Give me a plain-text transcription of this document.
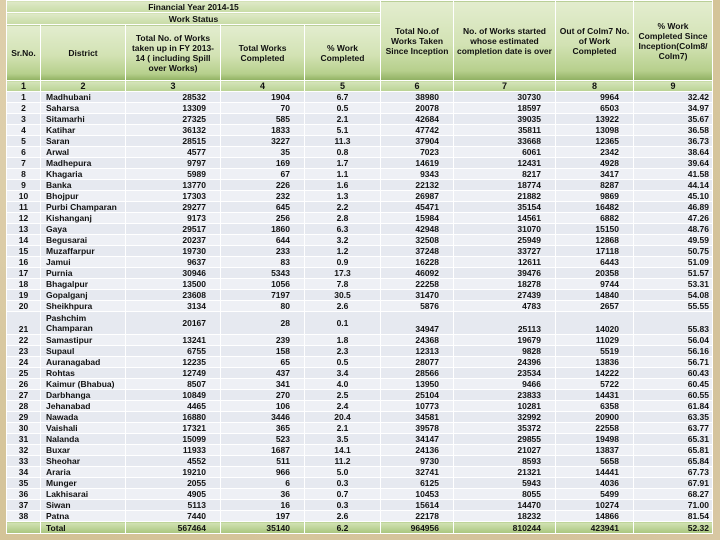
Financial Year 2014-15					Total No.of Works Taken Since Inception	No. of Works started whose estimated completion date is over	Out of Colm7 No. of Work Completed	% Work Completed Since Inception(Colm8/ Colm7)
Work Status								
Sr.No.	District	Total No. of Works taken up in FY 2013-14 ( including Spill over Works)	Total Works Completed	% Work Completed				
1	2	3	4	5	6	7	8	9
1	Madhubani	28532	1904	6.7	38980	30730	9964	32.42
2	Saharsa	13309	70	0.5	20078	18597	6503	34.97
3	Sitamarhi	27325	585	2.1	42684	39035	13922	35.67
4	Katihar	36132	1833	5.1	47742	35811	13098	36.58
5	Saran	28515	3227	11.3	37904	33668	12365	36.73
6	Arwal	4577	35	0.8	7023	6061	2342	38.64
7	Madhepura	9797	169	1.7	14619	12431	4928	39.64
8	Khagaria	5989	67	1.1	9343	8217	3417	41.58
9	Banka	13770	226	1.6	22132	18774	8287	44.14
10	Bhojpur	17303	232	1.3	26987	21882	9869	45.10
11	Purbi Champaran	29277	645	2.2	45471	35154	16482	46.89
12	Kishanganj	9173	256	2.8	15984	14561	6882	47.26
13	Gaya	29517	1860	6.3	42948	31070	15150	48.76
14	Begusarai	20237	644	3.2	32508	25949	12868	49.59
15	Muzaffarpur	19730	233	1.2	37248	33727	17118	50.75
16	Jamui	9637	83	0.9	16228	12611	6443	51.09
17	Purnia	30946	5343	17.3	46092	39476	20358	51.57
18	Bhagalpur	13500	1056	7.8	22258	18278	9744	53.31
19	Gopalganj	23608	7197	30.5	31470	27439	14840	54.08
20	Sheikhpura	3134	80	2.6	5876	4783	2657	55.55
21	Pashchim Champaran	20167	28	0.1	34947	25113	14020	55.83
22	Samastipur	13241	239	1.8	24368	19679	11029	56.04
23	Supaul	6755	158	2.3	12313	9828	5519	56.16
24	Auranagabad	12235	65	0.5	28077	24396	13836	56.71
25	Rohtas	12749	437	3.4	28566	23534	14222	60.43
26	Kaimur (Bhabua)	8507	341	4.0	13950	9466	5722	60.45
27	Darbhanga	10849	270	2.5	25104	23833	14431	60.55
28	Jehanabad	4465	106	2.4	10773	10281	6358	61.84
29	Nawada	16880	3446	20.4	34581	32992	20900	63.35
30	Vaishali	17321	365	2.1	39578	35372	22558	63.77
31	Nalanda	15099	523	3.5	34147	29855	19498	65.31
32	Buxar	11933	1687	14.1	24136	21027	13837	65.81
33	Sheohar	4552	511	11.2	9730	8593	5658	65.84
34	Araria	19210	966	5.0	32741	21321	14441	67.73
35	Munger	2055	6	0.3	6125	5943	4036	67.91
36	Lakhisarai	4905	36	0.7	10453	8055	5499	68.27
37	Siwan	5113	16	0.3	15614	14470	10274	71.00
38	Patna	7440	197	2.6	22178	18232	14866	81.54
	Total	567464	35140	6.2	964956	810244	423941	52.32
